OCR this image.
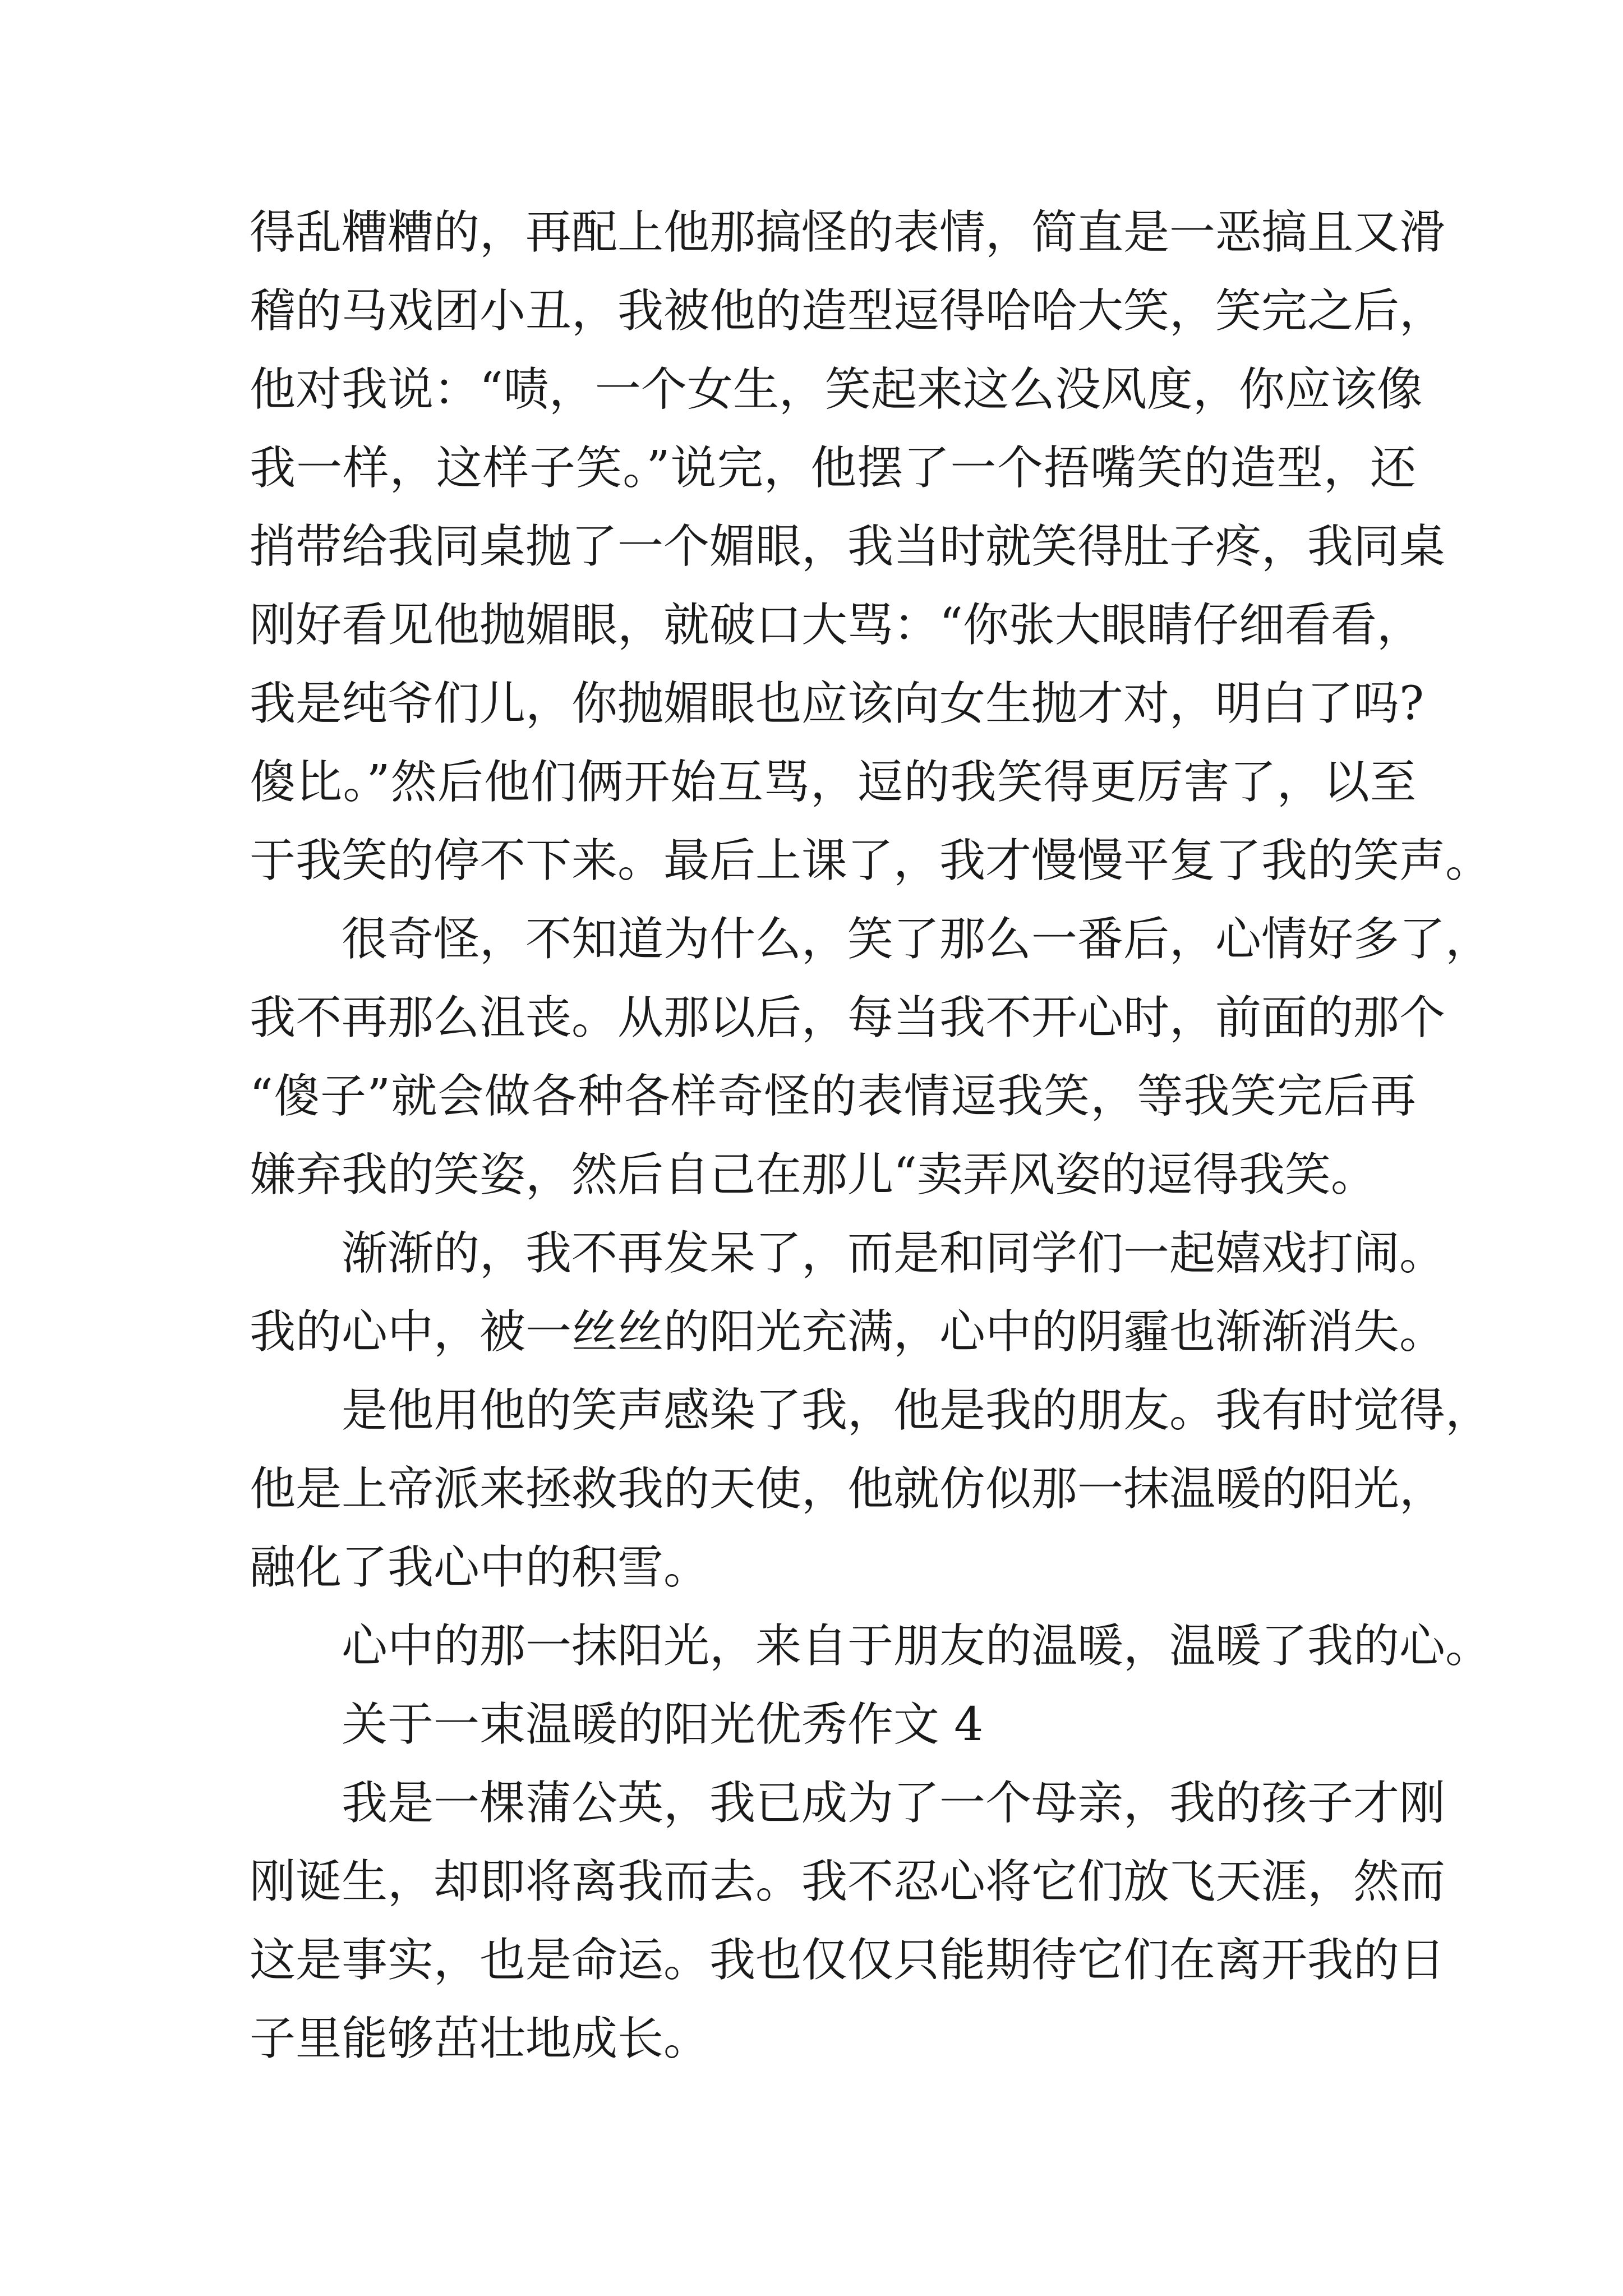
得乱糟糟的，再配上他那搞怪的表情，简直是一恶搞且又滑
稽的马戏团小丑，我被他的造型逗得哈哈大笑，笑完之后，
他对我说：“啧，一个女生，笑起来这么没风度，你应该像
我一样，这样子笑。”说完，他摆了一个捂嘴笑的造型，还
捎带给我同桌抛了一个媚眼，我当时就笑得肚子疼，我同桌
刚好看见他抛媚眼，就破口大骂：“你张大眼睛仔细看看，
我是纯爷们儿，你抛媚眼也应该向女生抛才对，明白了吗?
傻比。”然后他们俩开始互骂，逗的我笑得更厉害了，以至
于我笑的停不下来。最后上课了，我才慢慢平复了我的笑声。
很奇怪，不知道为什么，笑了那么一番后，心情好多了，
我不再那么沮丧。从那以后，每当我不开心时，前面的那个
“傻子”就会做各种各样奇怪的表情逗我笑，等我笑完后再
嫌弃我的笑姿，然后自己在那儿“卖弄风姿的逗得我笑。
渐渐的，我不再发呆了，而是和同学们一起嬉戏打闹。
我的心中，被一丝丝的阳光充满，心中的阴霾也渐渐消失。
是他用他的笑声感染了我，他是我的朋友。我有时觉得，
他是上帝派来拯救我的天使，他就仿似那一抹温暖的阳光，
融化了我心中的积雪。
心中的那一抹阳光，来自于朋友的温暖，温暖了我的心。
关于一束温暖的阳光优秀作文 4
我是一棵蒲公英，我已成为了一个母亲，我的孩子才刚
刚诞生，却即将离我而去。我不忍心将它们放飞天涯，然而
这是事实，也是命运。我也仅仅只能期待它们在离开我的日
子里能够茁壮地成长。
